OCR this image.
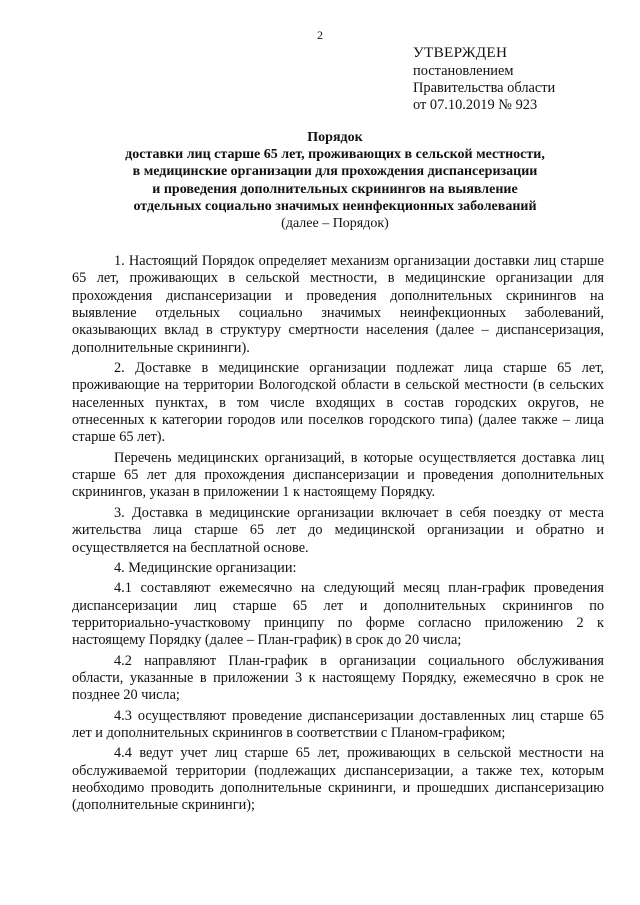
2
УТВЕРЖДЕН
постановлением
Правительства области
от 07.10.2019 № 923
Порядок
доставки лиц старше 65 лет, проживающих в сельской местности,
в медицинские организации для прохождения диспансеризации
и проведения дополнительных скринингов на выявление
отдельных социально значимых неинфекционных заболеваний
(далее – Порядок)

1. Настоящий Порядок определяет механизм организации доставки лиц старше 65 лет, проживающих в сельской местности, в медицинские организации для прохождения диспансеризации и проведения дополнительных скринингов на выявление отдельных социально значимых неинфекционных заболеваний, оказывающих вклад в структуру смертности населения (далее – диспансеризация, дополнительные скрининги).

2. Доставке в медицинские организации подлежат лица старше 65 лет, проживающие на территории Вологодской области в сельской местности (в сельских населенных пунктах, в том числе входящих в состав городских округов, не отнесенных к категории городов или поселков городского типа) (далее также – лица старше 65 лет).

Перечень медицинских организаций, в которые осуществляется доставка лиц старше 65 лет для прохождения диспансеризации и проведения дополнительных скринингов, указан в приложении 1 к настоящему Порядку.

3. Доставка в медицинские организации включает в себя поездку от места жительства лица старше 65 лет до медицинской организации и обратно и осуществляется на бесплатной основе.

4. Медицинские организации:

4.1 составляют ежемесячно на следующий месяц план-график проведения диспансеризации лиц старше 65 лет и дополнительных скринингов по территориально-участковому принципу по форме согласно приложению 2 к настоящему Порядку (далее – План-график) в срок до 20 числа;

4.2 направляют План-график в организации социального обслуживания области, указанные в приложении 3 к настоящему Порядку, ежемесячно в срок не позднее 20 числа;

4.3 осуществляют проведение диспансеризации доставленных лиц старше 65 лет и дополнительных скринингов в соответствии с Планом-графиком;

4.4 ведут учет лиц старше 65 лет, проживающих в сельской местности на обслуживаемой территории (подлежащих диспансеризации, а также тех, которым необходимо проводить дополнительные скрининги, и прошедших диспансеризацию (дополнительные скрининги);
